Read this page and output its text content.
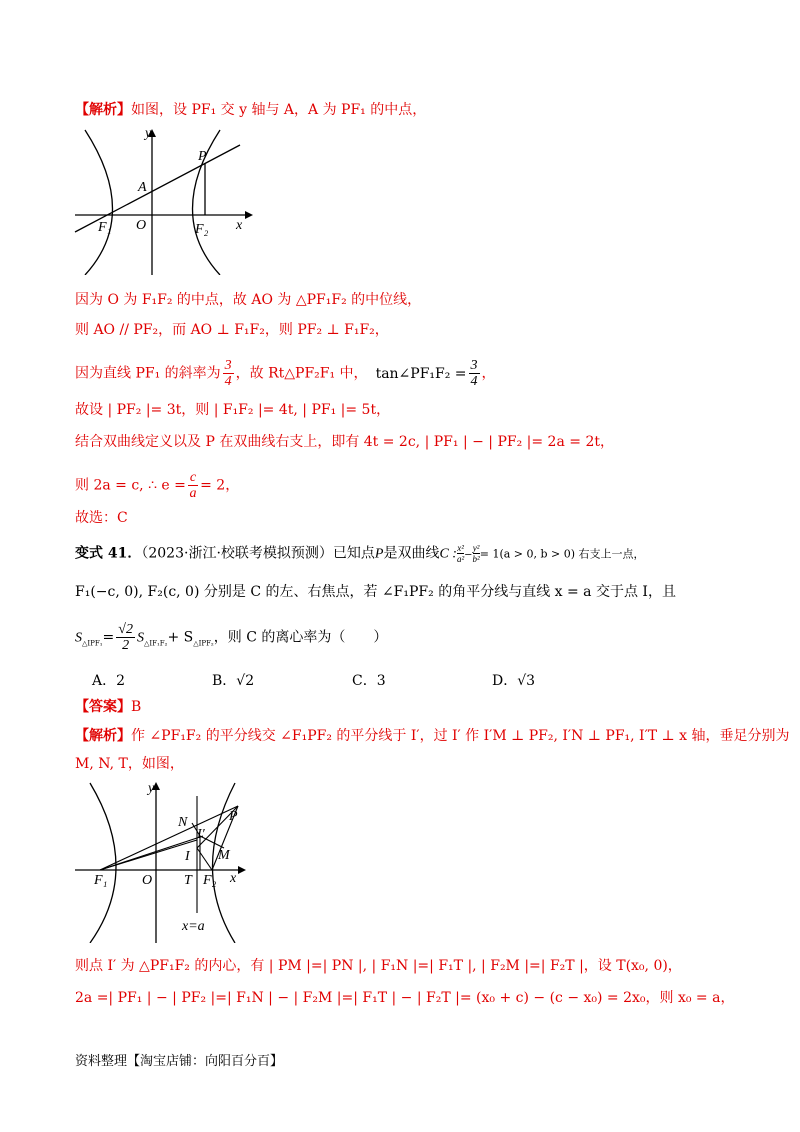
【解析】如图，设 PF₁ 交 y 轴与 A，A 为 PF₁ 的中点，
y
x
O
P
A
F₁	F₂
因为 O 为 F₁F₂ 的中点，故 AO 为 △PF₁F₂ 的中位线，
则 AO // PF₂，而 AO ⊥ F₁F₂，则 PF₂ ⊥ F₁F₂，
因为直线 PF₁ 的斜率为 $\frac{3}{4}$ ，故 Rt△PF₂F₁ 中， tan∠PF₁F₂ = $\frac{3}{4}$ ，
故设 | PF₂ |= 3t，则 | F₁F₂ |= 4t, | PF₁ |= 5t，
结合双曲线定义以及 P 在双曲线右支上，即有 4t = 2c, | PF₁ | − | PF₂ |= 2a = 2t，
则 2a = c, ∴ $e = \frac{c}{a} = 2$，
故选：C
变式 41．（2023·浙江·校联考模拟预测）已知点P是双曲线C : $\frac{\text{x²}}{\text{a²}} - \frac{\text{y²}}{\text{b²}} = 1(a > 0$, b > 0) 右支上一点，
F₁(−c, 0), F₂(c, 0) 分别是 C 的左、右焦点，若 ∠F₁PF₂ 的角平分线与直线 x = a 交于点 I，且
$S_{\triangle IPF_1}= \frac{√2}{2} S_{\triangle IF_1F_2}+ S_{\triangle IPF_2}$，则 C 的离心率为（　　）
A．2	B．√2	C．3	D．√3
【答案】B
【解析】作 ∠PF₁F₂ 的平分线交 ∠F₁PF₂ 的平分线于 I′，过 I′ 作 I′M ⊥ PF₂, I′N ⊥ PF₁, I′T ⊥ x 轴，垂足分别为
M, N, T，如图，
y
x
O
P
N
I′
I M
T
F₁	F₂
x=a
则点 I′ 为 △PF₁F₂ 的内心，有 | PM |=| PN |, | F₁N |=| F₁T |, | F₂M |=| F₂T |，设 T(x₀, 0)，
2a =| PF₁ | − | PF₂ |=| F₁N | − | F₂M |=| F₁T | − | F₂T |= (x₀ + c) − (c − x₀) = 2x₀，则 x₀ = a，
资料整理【淘宝店铺：向阳百分百】
